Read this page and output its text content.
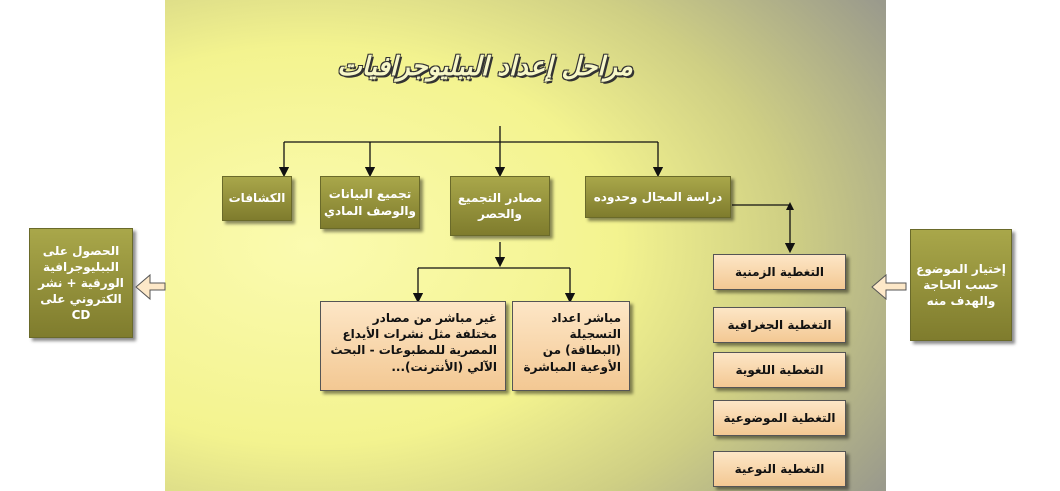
مراحل إعداد الببليوجرافيات
الكشافات	تجميع البيانات والوصف المادي
مصادر التجميع والحصر
دراسة المجال وحدوده
غير مباشر من مصادر مختلفة مثل نشرات الأيداع المصرية للمطبوعات - البحث الآلي (الأنترنت)...
مباشر اعداد التسجيلة (البطاقة) من الأوعية المباشرة
التغطية الزمنية
التغطية الجغرافية
التغطية اللغوية
التغطية الموضوعية
التغطية النوعية
إختيار الموضوع حسب الحاجة والهدف منه
الحصول على الببليوجرافية الورقية + نشر الكتروني على CD
